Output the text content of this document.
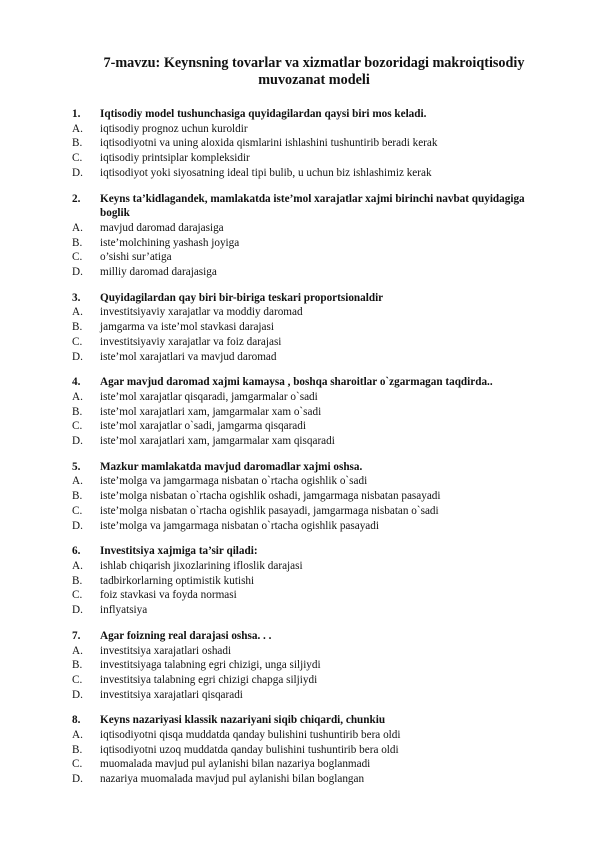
7-mavzu: Keynsning tovarlar va xizmatlar bozoridagi makroiqtisodiy muvozanat modeli
1. Iqtisodiy model tushunchasiga quyidagilardan qaysi biri mos keladi.
A. iqtisodiy prognoz uchun kuroldir
B. iqtisodiyotni va uning aloxida qismlarini ishlashini tushuntirib beradi kerak
C. iqtisodiy printsiplar kompleksidir
D. iqtisodiyot yoki siyosatning ideal tipi bulib, u uchun biz ishlashimiz kerak
2. Keyns ta’kidlagandek, mamlakatda iste’mol xarajatlar xajmi birinchi navbat quyidagiga boglik
A. mavjud daromad darajasiga
B. iste’molchining yashash joyiga
C. o’sishi sur’atiga
D. milliy daromad darajasiga
3. Quyidagilardan qay biri bir-biriga teskari proportsionaldir
A. investitsiyaviy xarajatlar va moddiy daromad
B. jamgarma va iste’mol stavkasi darajasi
C. investitsiyaviy xarajatlar va foiz darajasi
D. iste’mol xarajatlari va mavjud daromad
4. Agar mavjud daromad xajmi kamaysa , boshqa sharoitlar o`zgarmagan taqdirda..
A. iste’mol xarajatlar qisqaradi, jamgarmalar o`sadi
B. iste’mol xarajatlari xam, jamgarmalar xam o`sadi
C. iste’mol xarajatlar o`sadi, jamgarma qisqaradi
D. iste’mol xarajatlari xam, jamgarmalar xam qisqaradi
5. Mazkur mamlakatda mavjud daromadlar xajmi oshsa.
A. iste’molga va jamgarmaga nisbatan o`rtacha ogishlik o`sadi
B. iste’molga nisbatan o`rtacha ogishlik oshadi, jamgarmaga nisbatan pasayadi
C. iste’molga nisbatan o`rtacha ogishlik pasayadi, jamgarmaga nisbatan o`sadi
D. iste’molga va jamgarmaga nisbatan o`rtacha ogishlik pasayadi
6. Investitsiya xajmiga ta’sir qiladi:
A. ishlab chiqarish jixozlarining ifloslik darajasi
B. tadbirkorlarning optimistik kutishi
C. foiz stavkasi va foyda normasi
D. inflyatsiya
7. Agar foizning real darajasi oshsa. . .
A. investitsiya xarajatlari oshadi
B. investitsiyaga talabning egri chizigi, unga siljiydi
C. investitsiya talabning egri chizigi chapga siljiydi
D. investitsiya xarajatlari qisqaradi
8. Keyns nazariyasi klassik nazariyani siqib chiqardi, chunkiu
A. iqtisodiyotni qisqa muddatda qanday bulishini tushuntirib bera oldi
B. iqtisodiyotni uzoq muddatda qanday bulishini tushuntirib bera oldi
C. muomalada mavjud pul aylanishi bilan nazariya boglanmadi
D. nazariya muomalada mavjud pul aylanishi bilan boglangan
